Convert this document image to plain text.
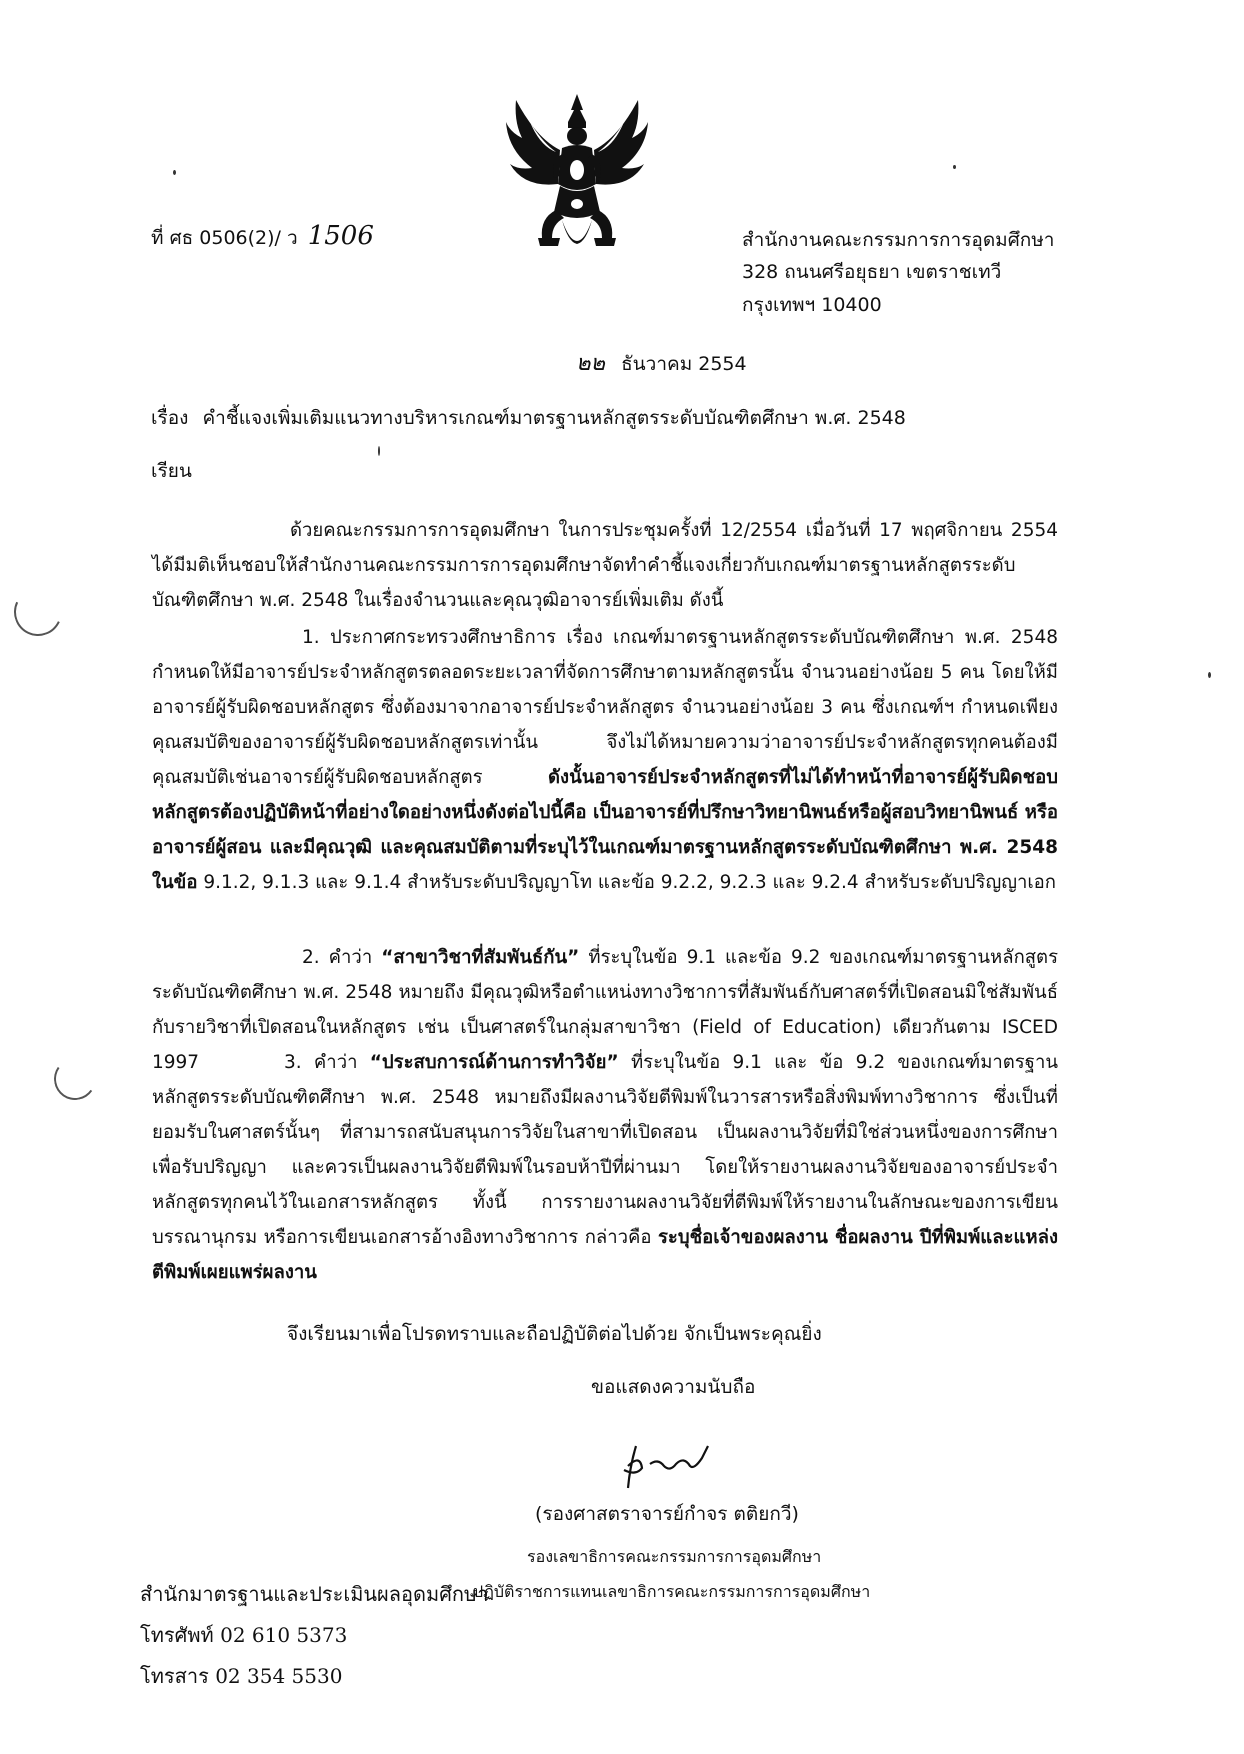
ที่ ศธ 0506(2)/ ว 1506	สำนักงานคณะกรรมการการอุดมศึกษา
328 ถนนศรีอยุธยา เขตราชเทวี
กรุงเทพฯ 10400
๒๒ ธันวาคม 2554
เรื่อง คำชี้แจงเพิ่มเติมแนวทางบริหารเกณฑ์มาตรฐานหลักสูตรระดับบัณฑิตศึกษา พ.ศ. 2548
เรียน
ด้วยคณะกรรมการการอุดมศึกษา ในการประชุมครั้งที่ 12/2554 เมื่อวันที่ 17 พฤศจิกายน 2554 ได้มีมติเห็นชอบให้สำนักงานคณะกรรมการการอุดมศึกษาจัดทำคำชี้แจงเกี่ยวกับเกณฑ์มาตรฐานหลักสูตรระดับบัณฑิตศึกษา พ.ศ. 2548 ในเรื่องจำนวนและคุณวุฒิอาจารย์เพิ่มเติม ดังนี้
1. ประกาศกระทรวงศึกษาธิการ เรื่อง เกณฑ์มาตรฐานหลักสูตรระดับบัณฑิตศึกษา พ.ศ. 2548 กำหนดให้มีอาจารย์ประจำหลักสูตรตลอดระยะเวลาที่จัดการศึกษาตามหลักสูตรนั้น จำนวนอย่างน้อย 5 คน โดยให้มีอาจารย์ผู้รับผิดชอบหลักสูตร ซึ่งต้องมาจากอาจารย์ประจำหลักสูตร จำนวนอย่างน้อย 3 คน ซึ่งเกณฑ์ฯ กำหนดเพียงคุณสมบัติของอาจารย์ผู้รับผิดชอบหลักสูตรเท่านั้น จึงไม่ได้หมายความว่าอาจารย์ประจำหลักสูตรทุกคนต้องมีคุณสมบัติเช่นอาจารย์ผู้รับผิดชอบหลักสูตร	ดังนั้นอาจารย์ประจำหลักสูตรที่ไม่ได้ทำหน้าที่อาจารย์ผู้รับผิดชอบหลักสูตรต้องปฏิบัติหน้าที่อย่างใดอย่างหนึ่งดังต่อไปนี้คือ เป็นอาจารย์ที่ปรึกษาวิทยานิพนธ์หรือผู้สอบวิทยานิพนธ์ หรืออาจารย์ผู้สอน และมีคุณวุฒิ และคุณสมบัติตามที่ระบุไว้ในเกณฑ์มาตรฐานหลักสูตรระดับบัณฑิตศึกษา พ.ศ. 2548 ในข้อ 9.1.2, 9.1.3 และ 9.1.4 สำหรับระดับปริญญาโท และข้อ 9.2.2, 9.2.3 และ 9.2.4 สำหรับระดับปริญญาเอก
2. คำว่า “สาขาวิชาที่สัมพันธ์กัน” ที่ระบุในข้อ 9.1 และข้อ 9.2 ของเกณฑ์มาตรฐานหลักสูตรระดับบัณฑิตศึกษา พ.ศ. 2548 หมายถึง มีคุณวุฒิหรือตำแหน่งทางวิชาการที่สัมพันธ์กับศาสตร์ที่เปิดสอนมิใช่สัมพันธ์กับรายวิชาที่เปิดสอนในหลักสูตร เช่น เป็นศาสตร์ในกลุ่มสาขาวิชา (Field of Education) เดียวกันตาม ISCED 1997	3. คำว่า “ประสบการณ์ด้านการทำวิจัย” ที่ระบุในข้อ 9.1 และ ข้อ 9.2 ของเกณฑ์มาตรฐานหลักสูตรระดับบัณฑิตศึกษา พ.ศ. 2548 หมายถึงมีผลงานวิจัยตีพิมพ์ในวารสารหรือสิ่งพิมพ์ทางวิชาการ ซึ่งเป็นที่ยอมรับในศาสตร์นั้นๆ ที่สามารถสนับสนุนการวิจัยในสาขาที่เปิดสอน เป็นผลงานวิจัยที่มิใช่ส่วนหนึ่งของการศึกษาเพื่อรับปริญญา และควรเป็นผลงานวิจัยตีพิมพ์ในรอบห้าปีที่ผ่านมา โดยให้รายงานผลงานวิจัยของอาจารย์ประจำหลักสูตรทุกคนไว้ในเอกสารหลักสูตร ทั้งนี้ การรายงานผลงานวิจัยที่ตีพิมพ์ให้รายงานในลักษณะของการเขียนบรรณานุกรม หรือการเขียนเอกสารอ้างอิงทางวิชาการ กล่าวคือ ระบุชื่อเจ้าของผลงาน ชื่อผลงาน ปีที่พิมพ์และแหล่งตีพิมพ์เผยแพร่ผลงาน
จึงเรียนมาเพื่อโปรดทราบและถือปฏิบัติต่อไปด้วย จักเป็นพระคุณยิ่ง
ขอแสดงความนับถือ
(รองศาสตราจารย์กำจร ตติยกวี)
รองเลขาธิการคณะกรรมการการอุดมศึกษา
ปฏิบัติราชการแทนเลขาธิการคณะกรรมการการอุดมศึกษา
สำนักมาตรฐานและประเมินผลอุดมศึกษา
โทรศัพท์ 02 610 5373
โทรสาร 02 354 5530
